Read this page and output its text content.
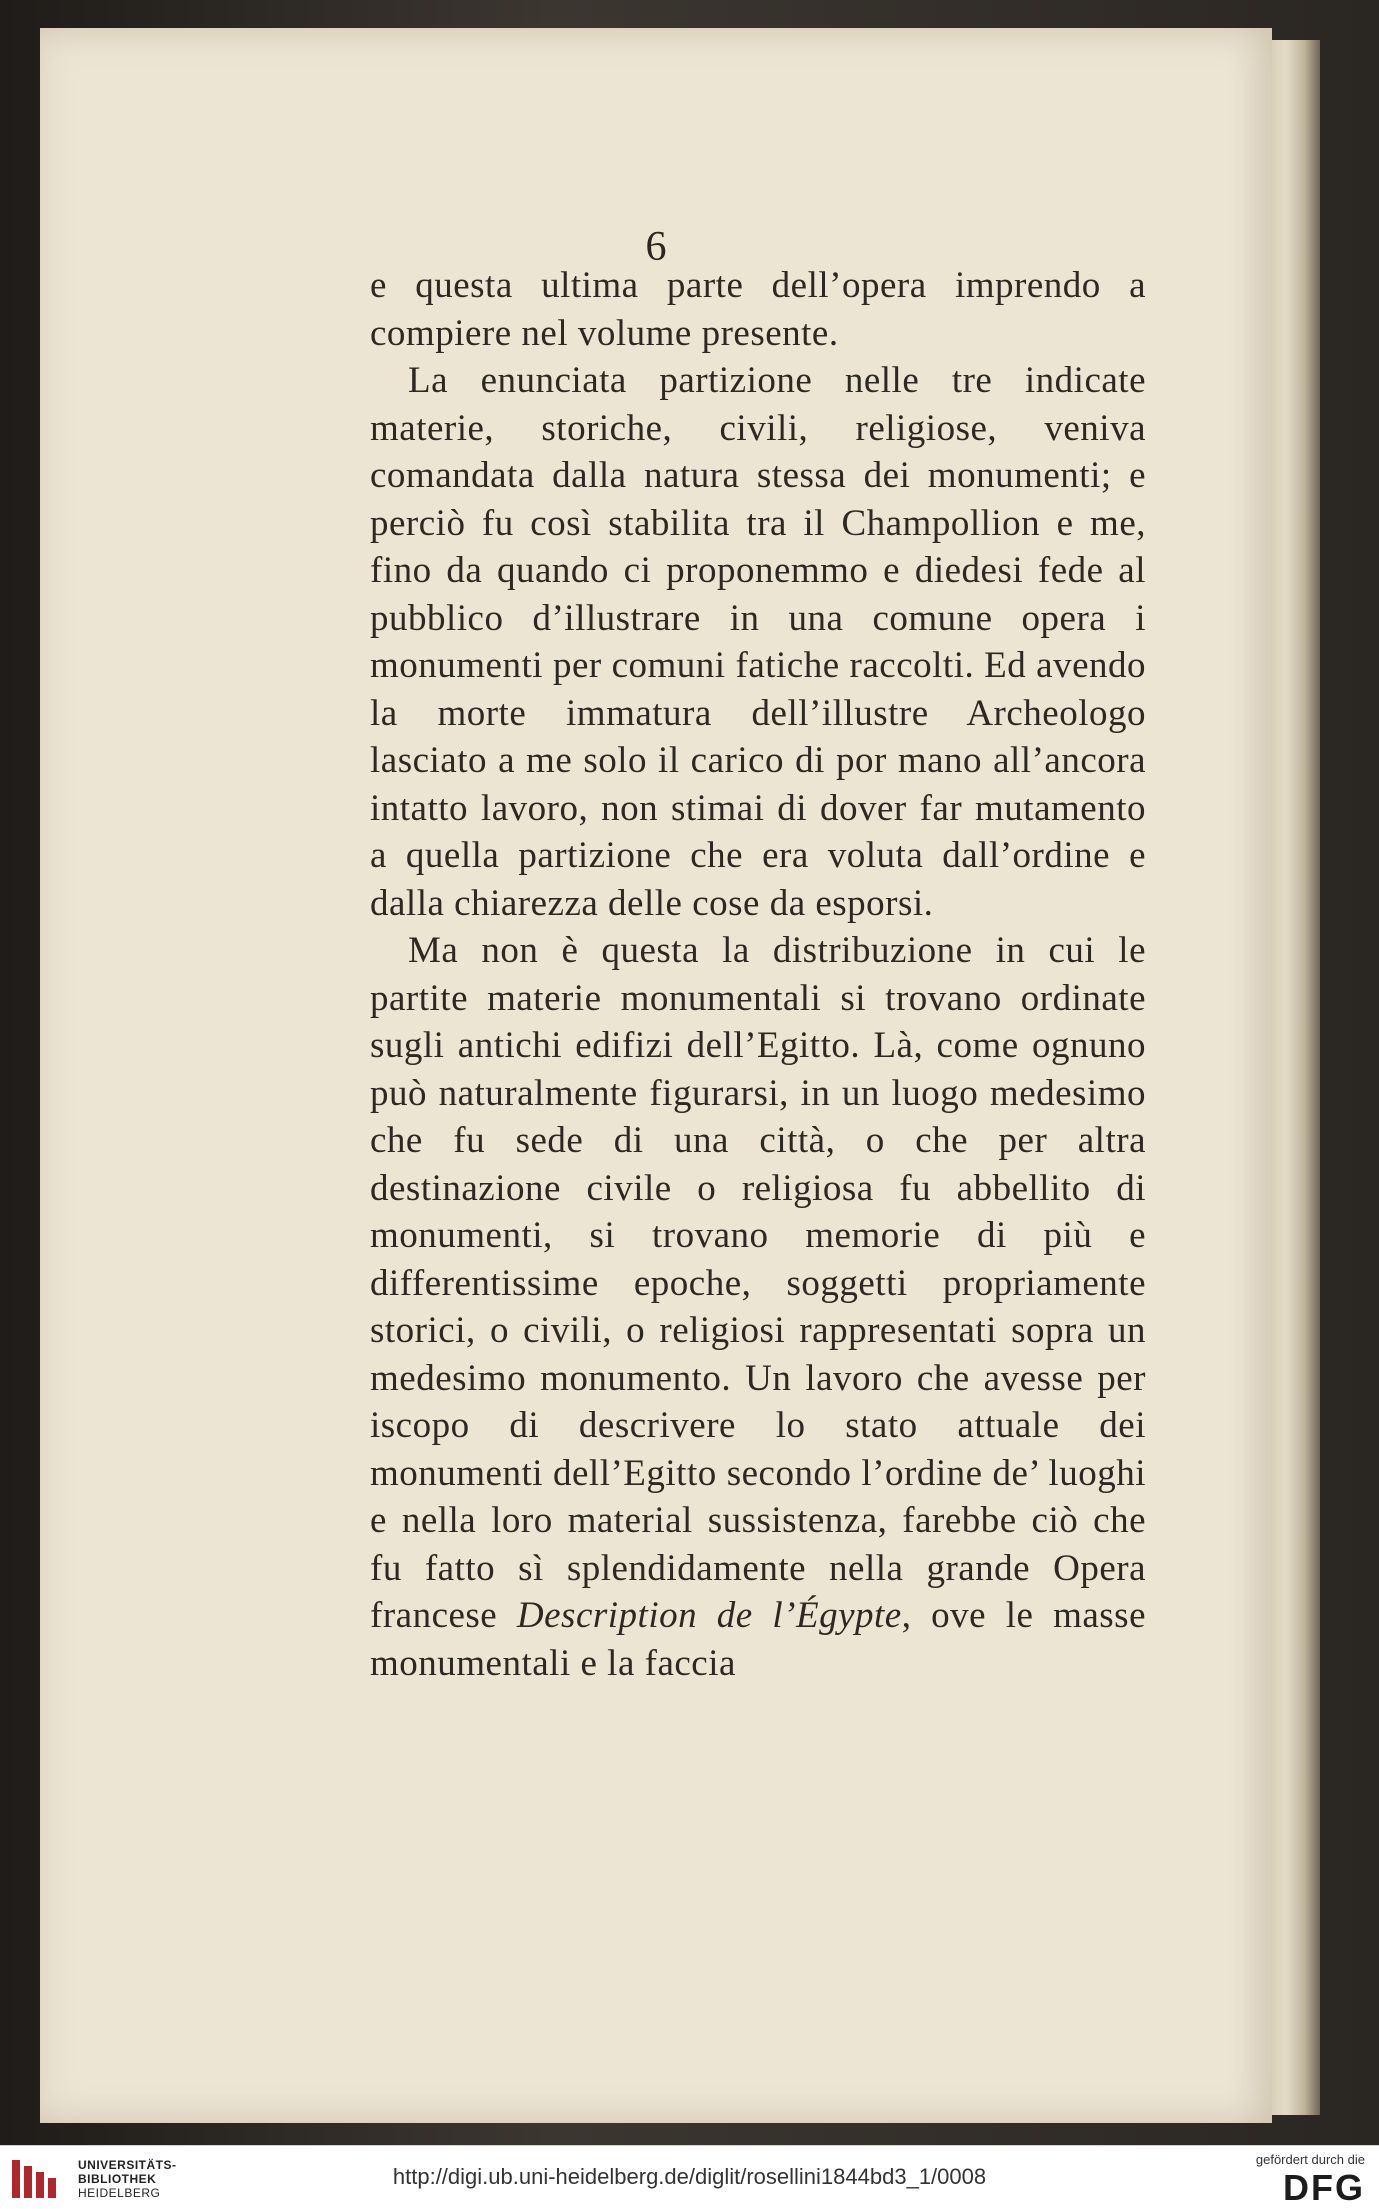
6

e questa ultima parte dell’opera imprendo a compiere nel volume presente.

La enunciata partizione nelle tre indicate materie, storiche, civili, religiose, veniva comandata dalla natura stessa dei monumenti; e perciò fu così stabilita tra il Champollion e me, fino da quando ci proponemmo e diedesi fede al pubblico d’illustrare in una comune opera i monumenti per comuni fatiche raccolti. Ed avendo la morte immatura dell’illustre Archeologo lasciato a me solo il carico di por mano all’ancora intatto lavoro, non stimai di dover far mutamento a quella partizione che era voluta dall’ordine e dalla chiarezza delle cose da esporsi.

Ma non è questa la distribuzione in cui le partite materie monumentali si trovano ordinate sugli antichi edifizi dell’Egitto. Là, come ognuno può naturalmente figurarsi, in un luogo medesimo che fu sede di una città, o che per altra destinazione civile o religiosa fu abbellito di monumenti, si trovano memorie di più e differentissime epoche, soggetti propriamente storici, o civili, o religiosi rappresentati sopra un medesimo monumento. Un lavoro che avesse per iscopo di descrivere lo stato attuale dei monumenti dell’Egitto secondo l’ordine de’ luoghi e nella loro material sussistenza, farebbe ciò che fu fatto sì splendidamente nella grande Opera francese Description de l’Égypte, ove le masse monumentali e la faccia

UNIVERSITÄTS-
BIBLIOTHEK
HEIDELBERG
http://digi.ub.uni-heidelberg.de/diglit/rosellini1844bd3_1/0008
gefördert durch die
DFG
